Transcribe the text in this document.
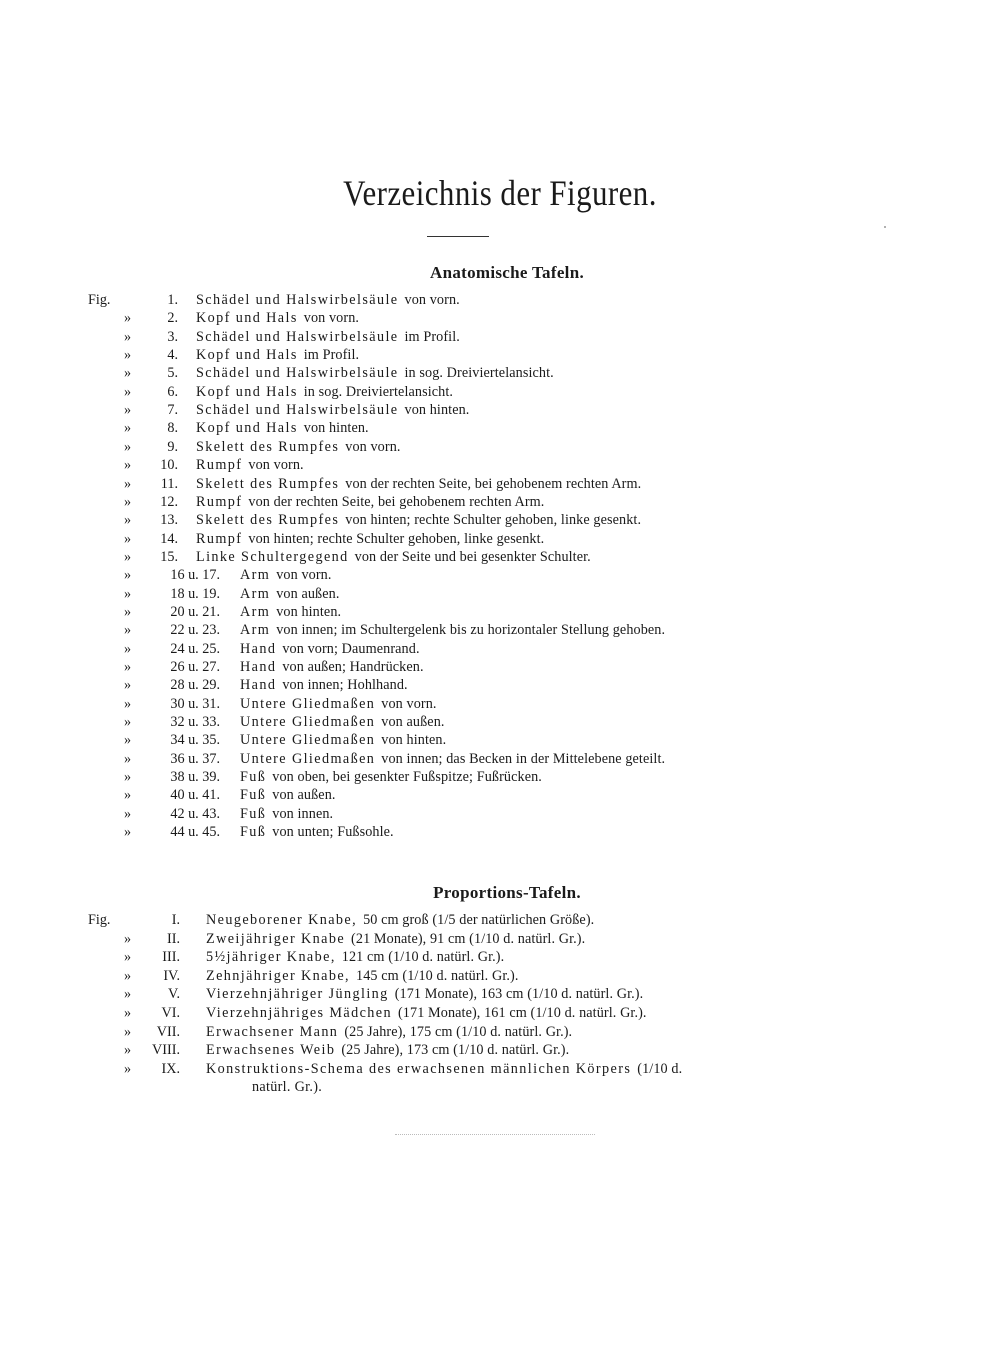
Verzeichnis der Figuren.
Anatomische Tafeln.
Fig.	1. Schädel und Halswirbelsäule von vorn.
»	2. Kopf und Hals von vorn.
»	3. Schädel und Halswirbelsäule im Profil.
»	4. Kopf und Hals im Profil.
»	5. Schädel und Halswirbelsäule in sog. Dreiviertelansicht.
»	6. Kopf und Hals in sog. Dreiviertelansicht.
»	7. Schädel und Halswirbelsäule von hinten.
»	8. Kopf und Hals von hinten.
»	9. Skelett des Rumpfes von vorn.
»	10. Rumpf von vorn.
»	11. Skelett des Rumpfes von der rechten Seite, bei gehobenem rechten Arm.
»	12. Rumpf von der rechten Seite, bei gehobenem rechten Arm.
»	13. Skelett des Rumpfes von hinten; rechte Schulter gehoben, linke gesenkt.
»	14. Rumpf von hinten; rechte Schulter gehoben, linke gesenkt.
»	15. Linke Schultergegend von der Seite und bei gesenkter Schulter.
»	16 u. 17. Arm von vorn.
»	18 u. 19. Arm von außen.
»	20 u. 21. Arm von hinten.
»	22 u. 23. Arm von innen; im Schultergelenk bis zu horizontaler Stellung gehoben.
»	24 u. 25. Hand von vorn; Daumenrand.
»	26 u. 27. Hand von außen; Handrücken.
»	28 u. 29. Hand von innen; Hohlhand.
»	30 u. 31. Untere Gliedmaßen von vorn.
»	32 u. 33. Untere Gliedmaßen von außen.
»	34 u. 35. Untere Gliedmaßen von hinten.
»	36 u. 37. Untere Gliedmaßen von innen; das Becken in der Mittelebene geteilt.
»	38 u. 39. Fuß von oben, bei gesenkter Fußspitze; Fußrücken.
»	40 u. 41. Fuß von außen.
»	42 u. 43. Fuß von innen.
»	44 u. 45. Fuß von unten; Fußsohle.
Proportions-Tafeln.
Fig.	I. Neugeborener Knabe, 50 cm groß (1/5 der natürlichen Größe).
»	II. Zweijähriger Knabe (21 Monate), 91 cm (1/10 d. natürl. Gr.).
»	III. 5½jähriger Knabe, 121 cm (1/10 d. natürl. Gr.).
»	IV. Zehnjähriger Knabe, 145 cm (1/10 d. natürl. Gr.).
»	V. Vierzehnjähriger Jüngling (171 Monate), 163 cm (1/10 d. natürl. Gr.).
»	VI. Vierzehnjähriges Mädchen (171 Monate), 161 cm (1/10 d. natürl. Gr.).
»	VII. Erwachsener Mann (25 Jahre), 175 cm (1/10 d. natürl. Gr.).
» VIII. Erwachsenes Weib (25 Jahre), 173 cm (1/10 d. natürl. Gr.).
»	IX. Konstruktions-Schema des erwachsenen männlichen Körpers (1/10 d.
natürl. Gr.).
